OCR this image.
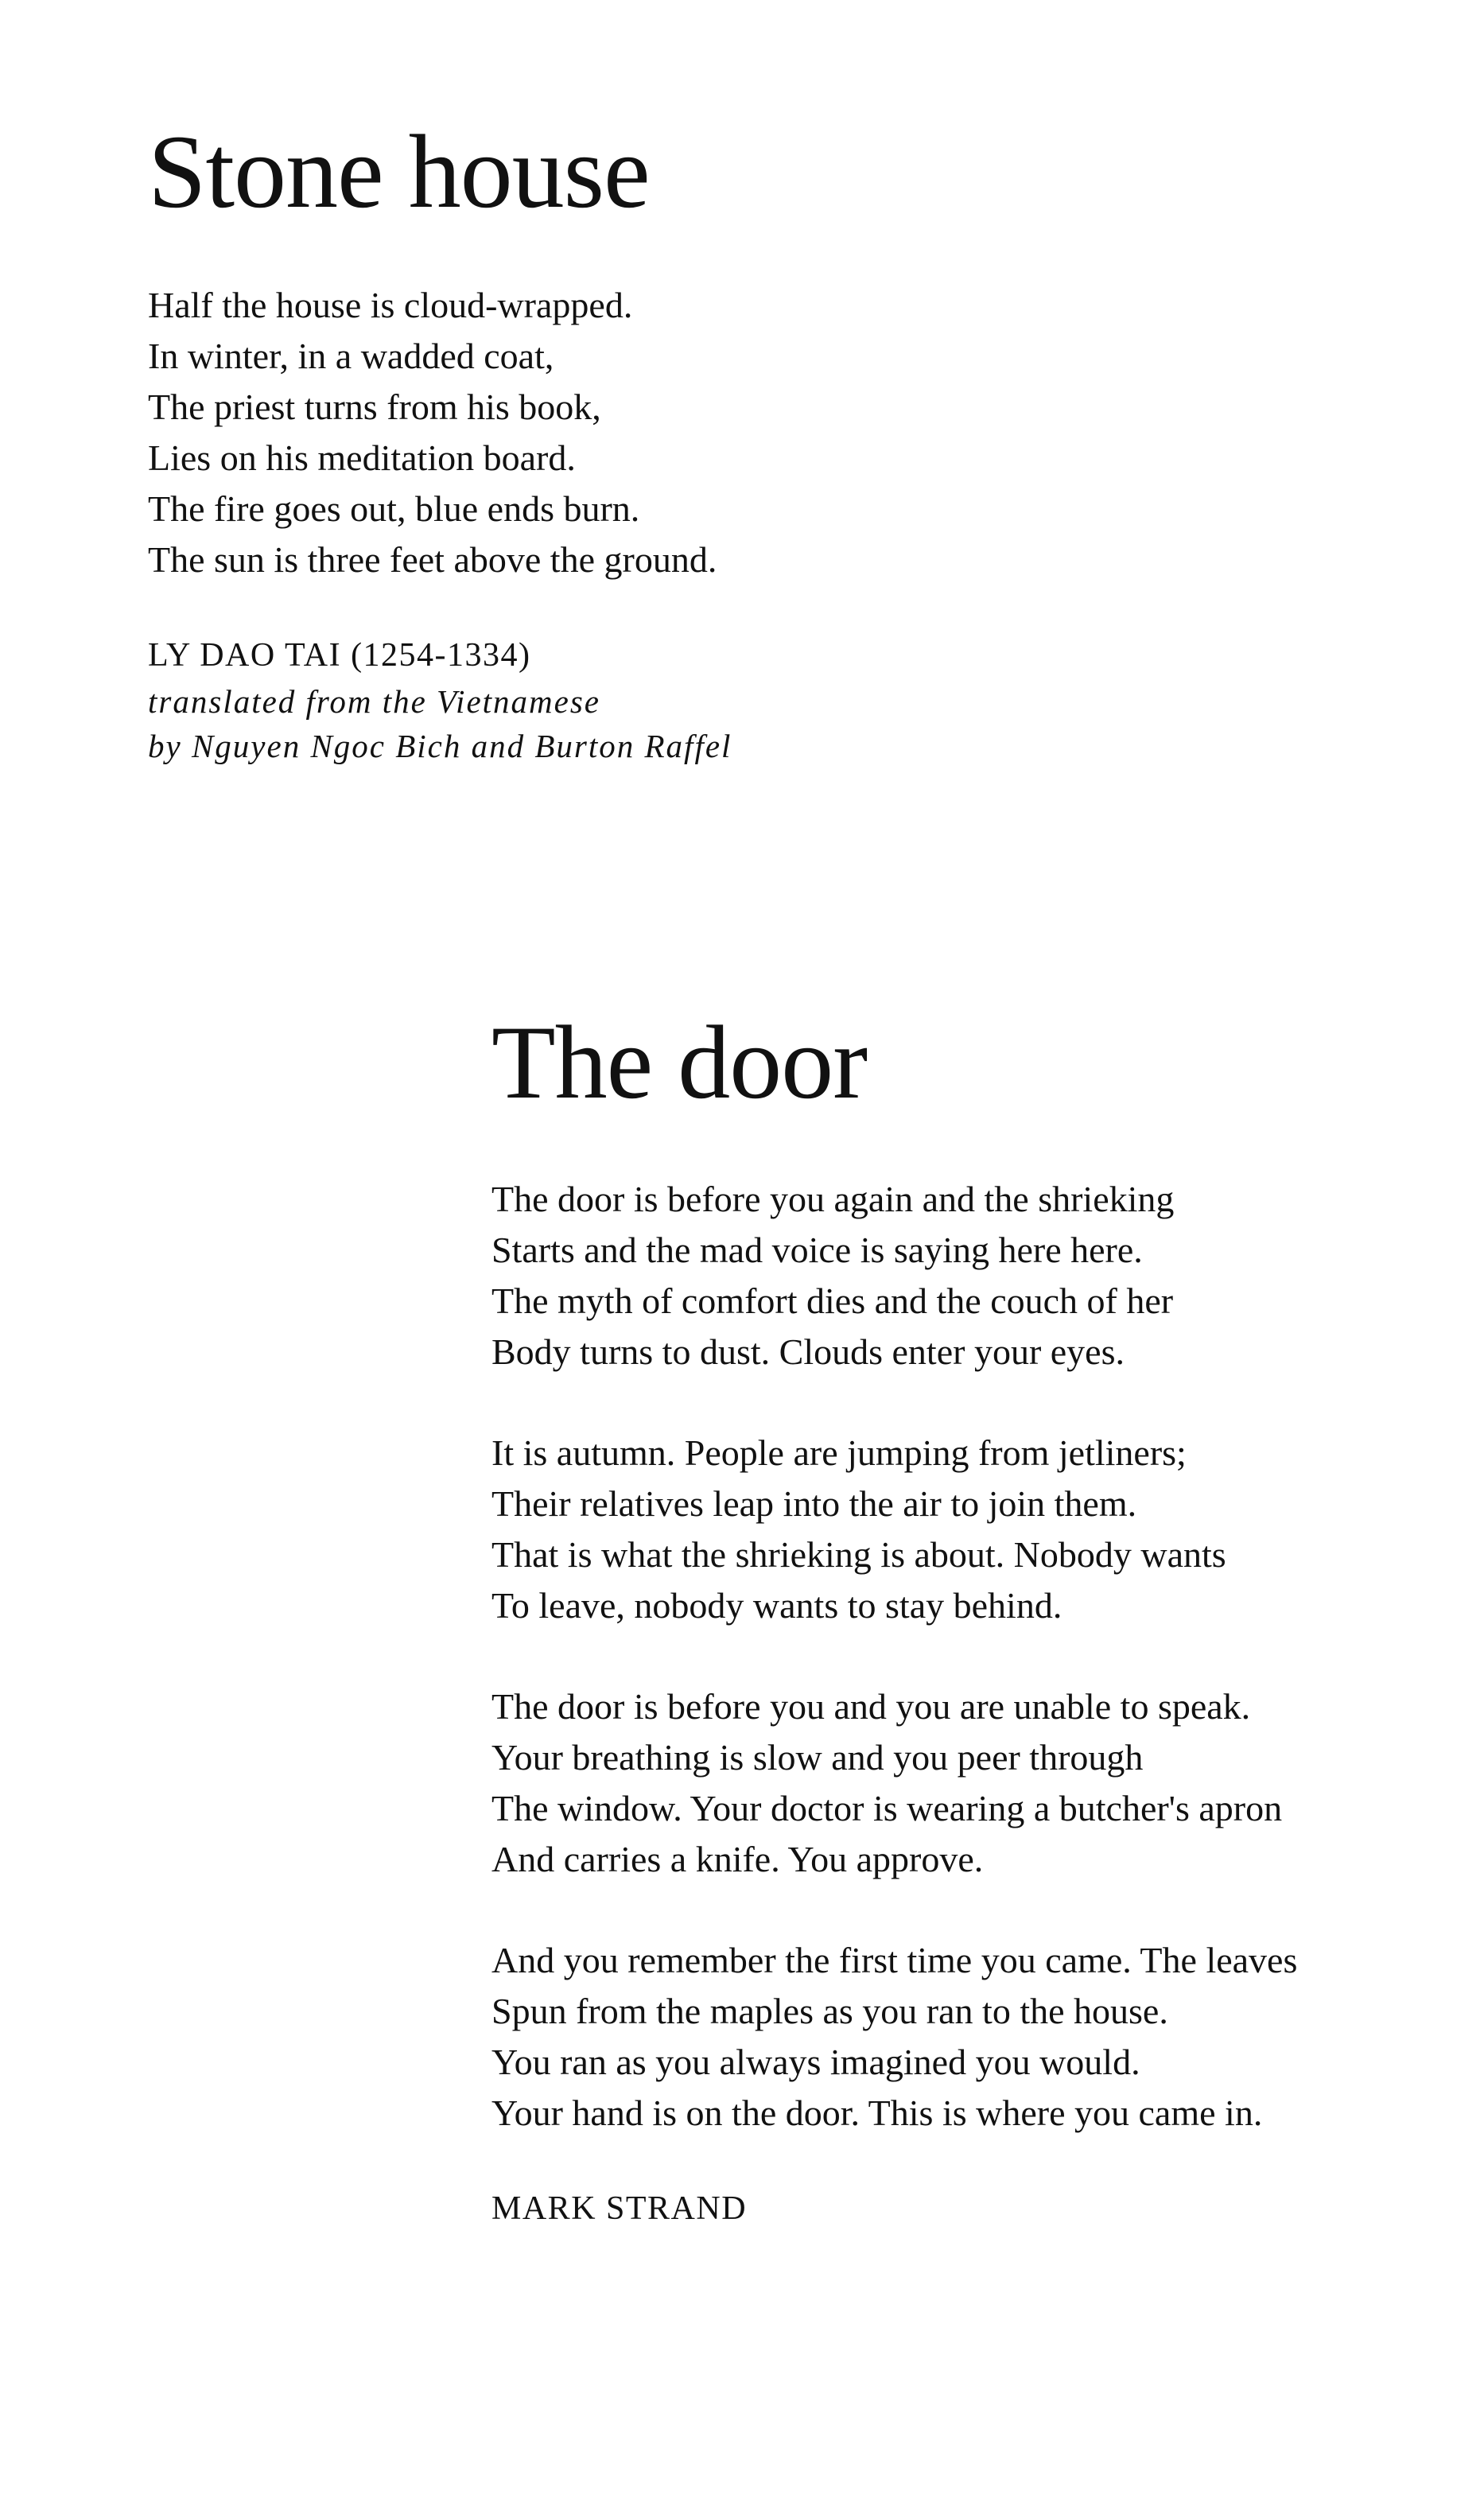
Stone house
Half the house is cloud-wrapped.
In winter, in a wadded coat,
The priest turns from his book,
Lies on his meditation board.
The fire goes out, blue ends burn.
The sun is three feet above the ground.
LY DAO TAI (1254-1334)
translated from the Vietnamese
by Nguyen Ngoc Bich and Burton Raffel
The door
The door is before you again and the shrieking
Starts and the mad voice is saying here here.
The myth of comfort dies and the couch of her
Body turns to dust. Clouds enter your eyes.
It is autumn. People are jumping from jetliners;
Their relatives leap into the air to join them.
That is what the shrieking is about. Nobody wants
To leave, nobody wants to stay behind.
The door is before you and you are unable to speak.
Your breathing is slow and you peer through
The window. Your doctor is wearing a butcher's apron
And carries a knife. You approve.
And you remember the first time you came. The leaves
Spun from the maples as you ran to the house.
You ran as you always imagined you would.
Your hand is on the door. This is where you came in.
MARK STRAND
